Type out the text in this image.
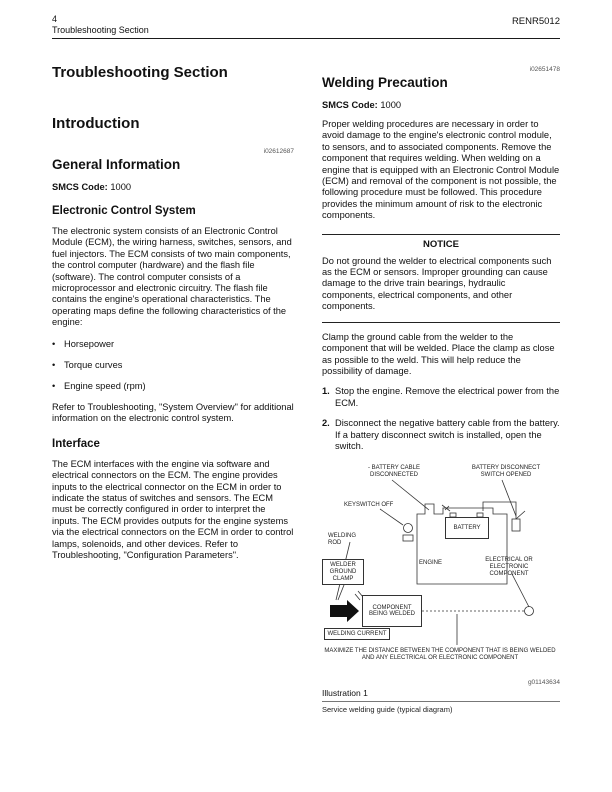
4
Troubleshooting Section
RENR5012
Troubleshooting Section
Introduction
i02612687
General Information
SMCS Code: 1000
Electronic Control System

The electronic system consists of an Electronic Control Module (ECM), the wiring harness, switches, sensors, and fuel injectors. The ECM consists of two main components, the control computer (hardware) and the flash file (software). The control computer consists of a microprocessor and electronic circuitry. The flash file contains the engine's operational characteristics. The operating maps define the following characteristics of the engine:

• Horsepower
• Torque curves
• Engine speed (rpm)

Refer to Troubleshooting, "System Overview" for additional information on the electronic control system.

Interface

The ECM interfaces with the engine via software and electrical connectors on the ECM. The engine provides inputs to the electrical connector on the ECM in order to indicate the status of switches and sensors. The ECM must be correctly configured in order to interpret the inputs. The ECM provides outputs for the engine systems via the electrical connectors on the ECM in order to control lamps, solenoids, and other devices. Refer to Troubleshooting, "Configuration Parameters".

i02651478
Welding Precaution
SMCS Code: 1000

Proper welding procedures are necessary in order to avoid damage to the engine's electronic control module, to sensors, and to associated components. Remove the component that requires welding. When welding on a engine that is equipped with an Electronic Control Module (ECM) and removal of the component is not possible, the following procedure must be followed. This procedure provides the minimum amount of risk to the electronic components.

NOTICE

Do not ground the welder to electrical components such as the ECM or sensors. Improper grounding can cause damage to the drive train bearings, hydraulic components, electrical components, and other components.

Clamp the ground cable from the welder to the component that will be welded. Place the clamp as close as possible to the weld. This will help reduce the possibility of damage.

1. Stop the engine. Remove the electrical power from the ECM.
2. Disconnect the negative battery cable from the battery. If a battery disconnect switch is installed, open the switch.
- BATTERY CABLE DISCONNECTED
BATTERY DISCONNECT SWITCH OPENED
KEYSWITCH OFF
WELDING ROD
ENGINE	ELECTRICAL OR ELECTRONIC COMPONENT
WELDER GROUND CLAMP
BATTERY
COMPONENT BEING WELDED
WELDING CURRENT
MAXIMIZE THE DISTANCE BETWEEN THE COMPONENT THAT IS BEING WELDED AND ANY ELECTRICAL OR ELECTRONIC COMPONENT
g01143634
Illustration 1
Service welding guide (typical diagram)
